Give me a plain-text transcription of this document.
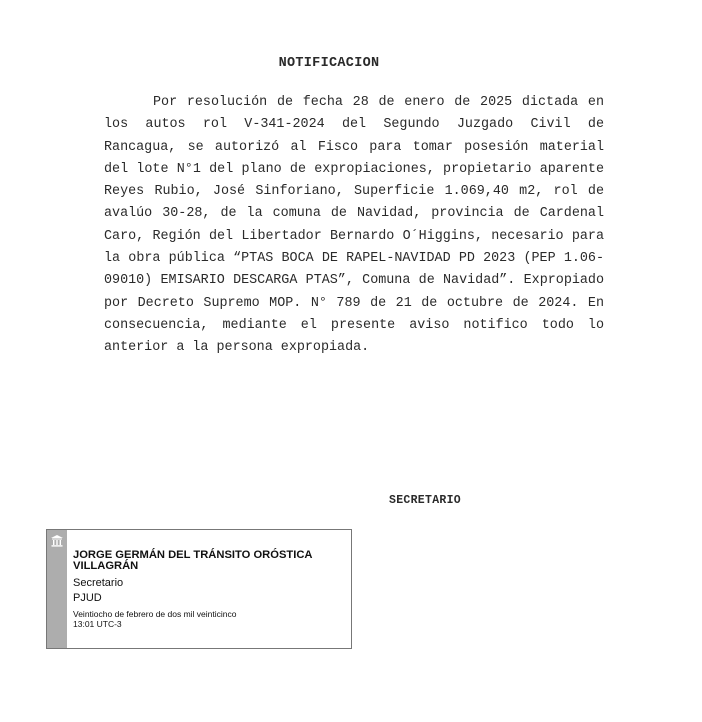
NOTIFICACION

Por resolución de fecha 28 de enero de 2025 dictada en los autos rol V-341-2024 del Segundo Juzgado Civil de Rancagua, se autorizó al Fisco para tomar posesión material del lote N°1 del plano de expropiaciones, propietario aparente Reyes Rubio, José Sinforiano, Superficie 1.069,40 m2, rol de avalúo 30-28, de la comuna de Navidad, provincia de Cardenal Caro, Región del Libertador Bernardo O´Higgins, necesario para la obra pública “PTAS BOCA DE RAPEL-NAVIDAD PD 2023 (PEP 1.06-09010) EMISARIO DESCARGA PTAS”, Comuna de Navidad”. Expropiado por Decreto Supremo MOP. N° 789 de 21 de octubre de 2024. En consecuencia, mediante el presente aviso notifico todo lo anterior a la persona expropiada.

SECRETARIO

JORGE GERMÁN DEL TRÁNSITO ORÓSTICA VILLAGRÁN

Secretario

PJUD

Veintiocho de febrero de dos mil veinticinco

13:01 UTC-3
